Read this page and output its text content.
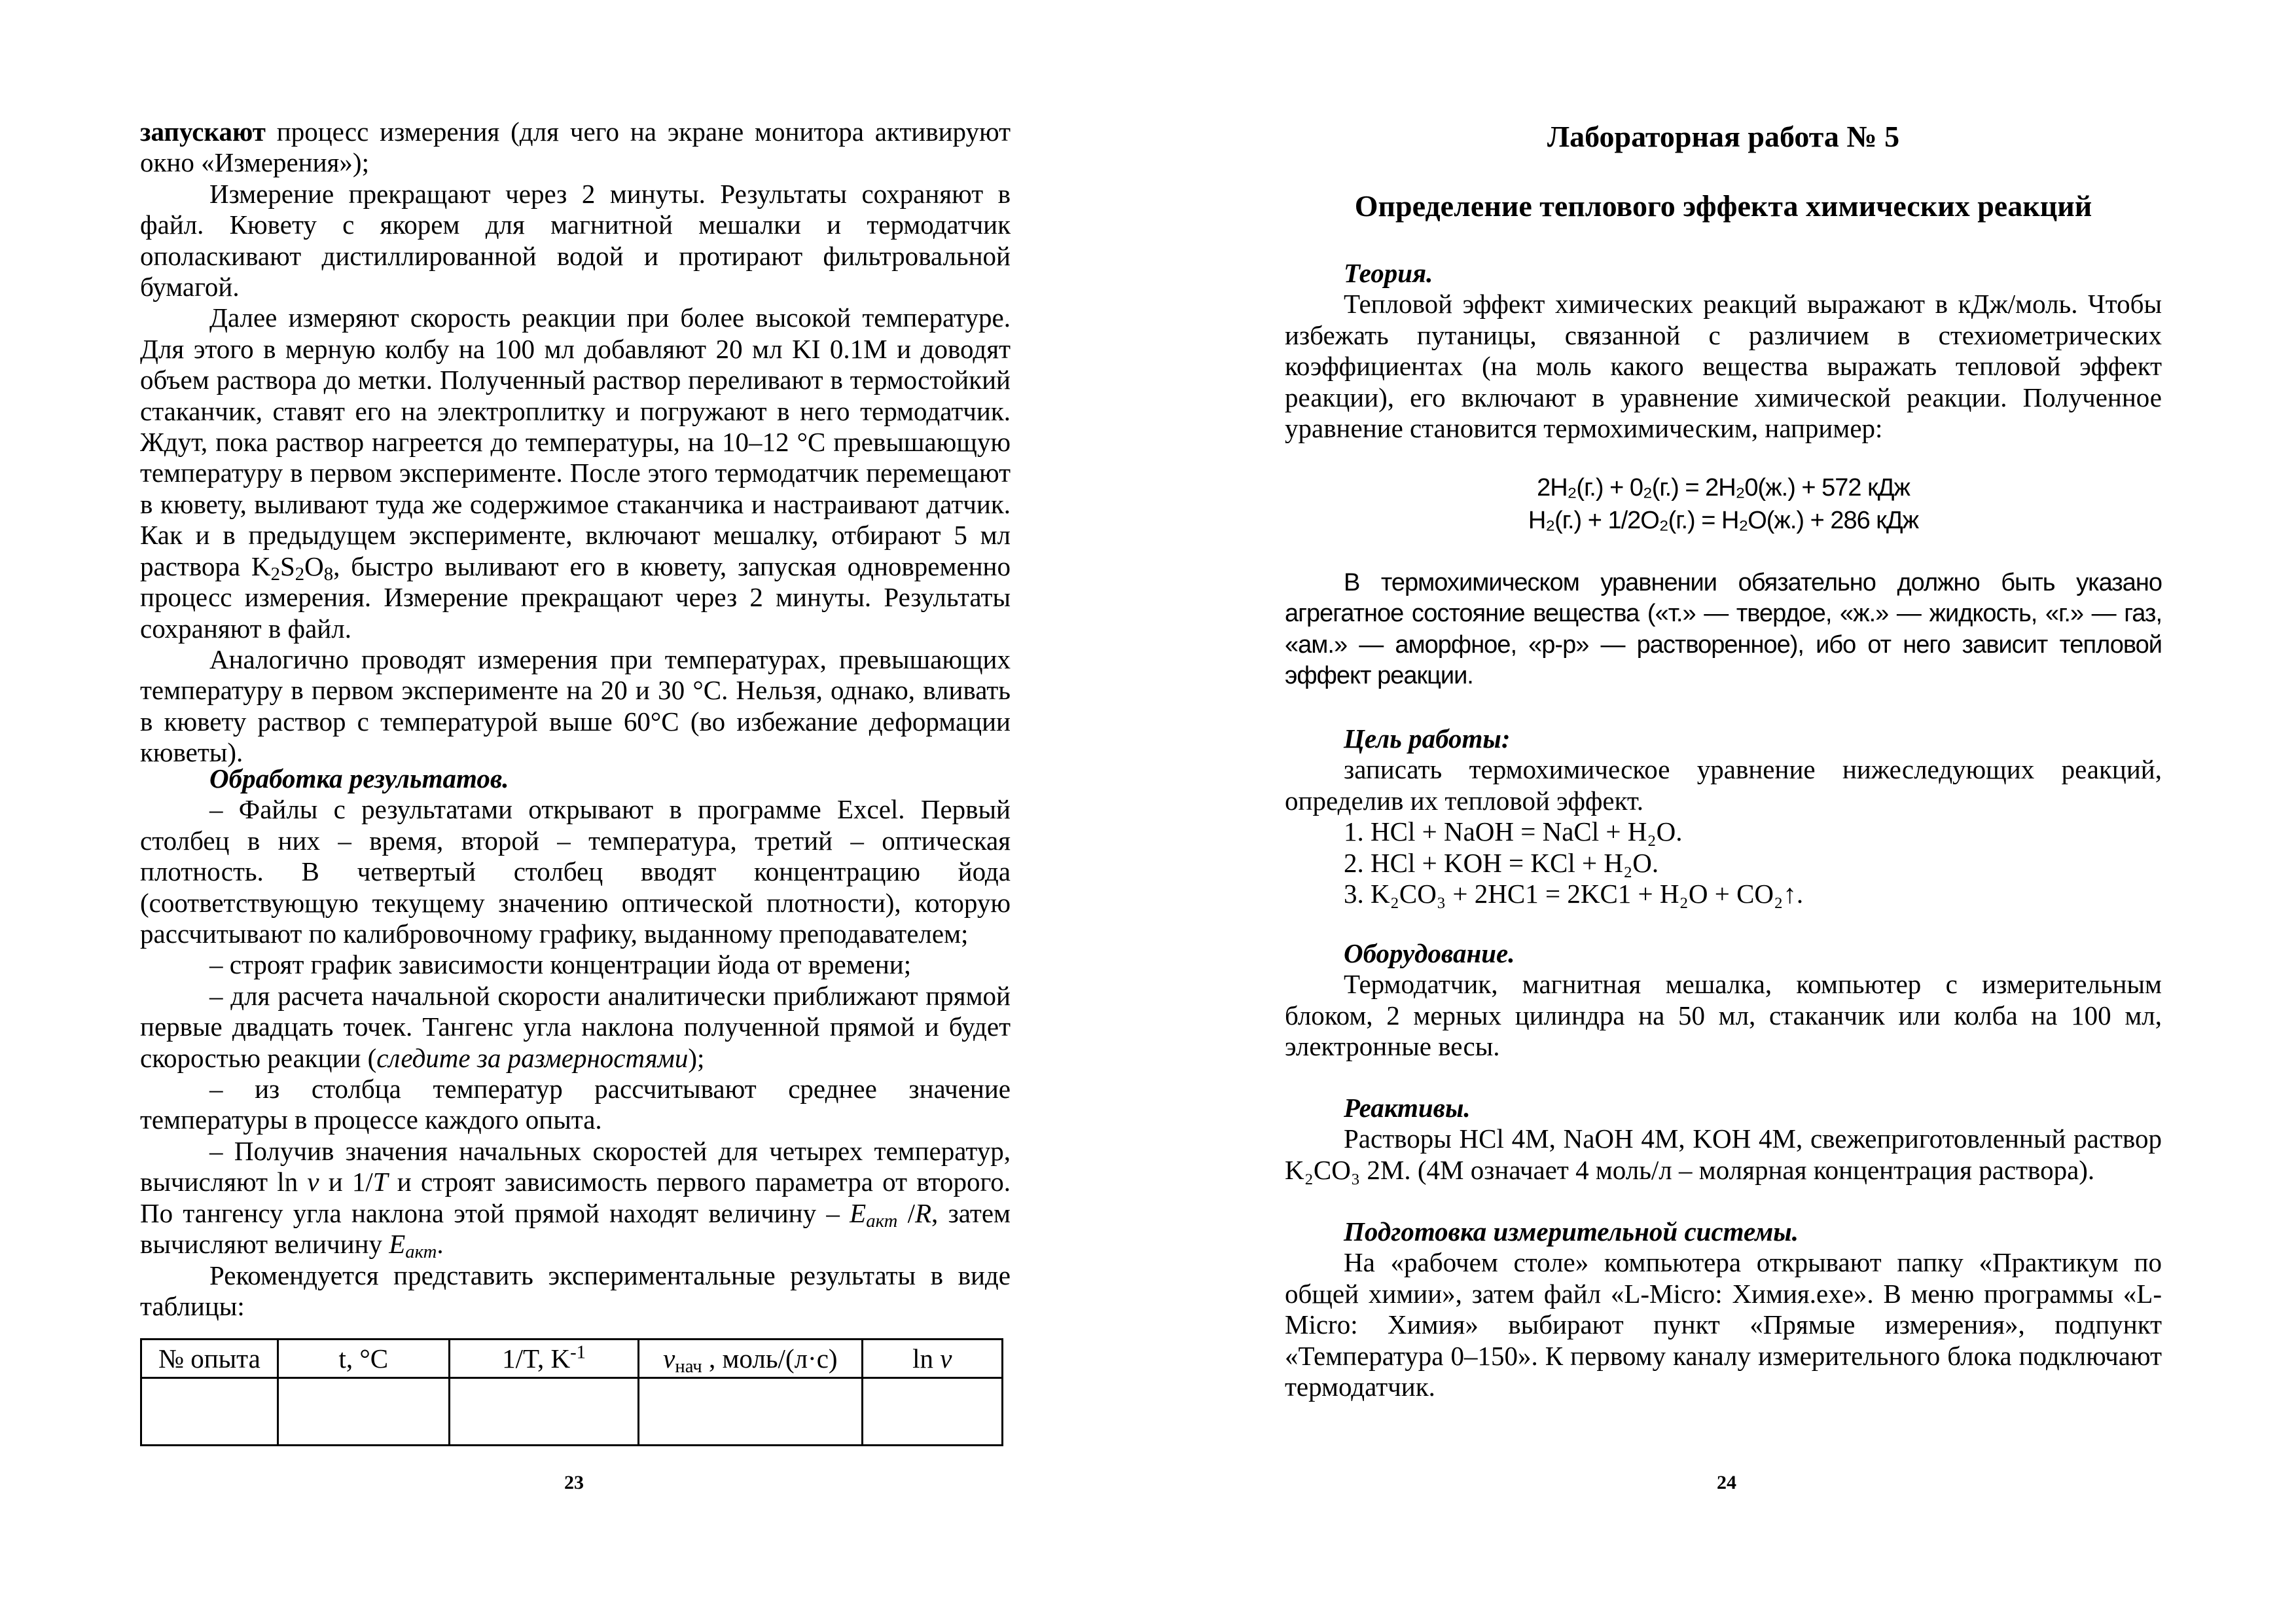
запускают процесс измерения (для чего на экране монитора активируют окно «Измерения»);

Измерение прекращают через 2 минуты. Результаты сохраняют в файл. Кювету с якорем для магнитной мешалки и термодатчик ополаскивают дистиллированной водой и протирают фильтровальной бумагой.

Далее измеряют скорость реакции при более высокой температуре. Для этого в мерную колбу на 100 мл добавляют 20 мл KI 0.1M и доводят объем раствора до метки. Полученный раствор переливают в термостойкий стаканчик, ставят его на электроплитку и погружают в него термодатчик. Ждут, пока раствор нагреется до температуры, на 10–12 °С превышающую температуру в первом эксперименте. После этого термодатчик перемещают в кювету, выливают туда же содержимое стаканчика и настраивают датчик. Как и в предыдущем эксперименте, включают мешалку, отбирают 5 мл раствора $K_2S_2O_8$, быстро выливают его в кювету, запуская одновременно процесс измерения. Измерение прекращают через 2 минуты. Результаты сохраняют в файл.

Аналогично проводят измерения при температурах, превышающих температуру в первом эксперименте на 20 и 30 °С. Нельзя, однако, вливать в кювету раствор с температурой выше 60°С (во избежание деформации кюветы).

Обработка результатов.

– Файлы с результатами открывают в программе Excel. Первый столбец в них – время, второй – температура, третий – оптическая плотность. В четвертый столбец вводят концентрацию йода (соответствующую текущему значению оптической плотности), которую рассчитывают по калибровочному графику, выданному преподавателем;

– строят график зависимости концентрации йода от времени;

– для расчета начальной скорости аналитически приближают прямой первые двадцать точек. Тангенс угла наклона полученной прямой и будет скоростью реакции (следите за размерностями);

– из столбца температур рассчитывают среднее значение температуры в процессе каждого опыта.

– Получив значения начальных скоростей для четырех температур, вычисляют ln v и 1/T и строят зависимость первого параметра от второго. По тангенсу угла наклона этой прямой находят величину – $E_{акт}$ /R, затем вычисляют величину $E_{акт}$.

Рекомендуется представить экспериментальные результаты в виде таблицы:

№ опыта	t, °C	1/T, $K^{-1}$	$v_{нач}$ , моль/(л·с)	ln v

23
Лабораторная работа № 5
Определение теплового эффекта химических реакций

Теория.

Тепловой эффект химических реакций выражают в кДж/моль. Чтобы избежать путаницы, связанной с различием в стехиометрических коэффициентах (на моль какого вещества выражать тепловой эффект реакции), его включают в уравнение химической реакции. Полученное уравнение становится термохимическим, например:

2H₂(г.) + 0₂(г.) = 2H₂0(ж.) + 572 кДж
H₂(г.) + 1/2O₂(г.) = H₂O(ж.) + 286 кДж

В термохимическом уравнении обязательно должно быть указано агрегатное состояние вещества («т.» — твердое, «ж.» — жидкость, «г.» — газ, «ам.» — аморфное, «р-р» — растворенное), ибо от него зависит тепловой эффект реакции.

Цель работы:

записать термохимическое уравнение нижеследующих реакций, определив их тепловой эффект.

1. HCl + NaOH = NaCl + H₂O.

2. HCl + KOH = KCl + H₂O.

3. K₂CO₃ + 2HC1 = 2KC1 + H₂O + CO₂↑.

Оборудование.

Термодатчик, магнитная мешалка, компьютер с измерительным блоком, 2 мерных цилиндра на 50 мл, стаканчик или колба на 100 мл, электронные весы.

Реактивы.

Растворы HCl 4M, NaOH 4M, KOH 4M, свежеприготовленный раствор K₂CO₃ 2M. (4M означает 4 моль/л – молярная концентрация раствора).

Подготовка измерительной системы.

На «рабочем столе» компьютера открывают папку «Практикум по общей химии», затем файл «L-Micro: Химия.exe». В меню программы «L-Micro: Химия» выбирают пункт «Прямые измерения», подпункт «Температура 0–150». К первому каналу измерительного блока подключают термодатчик.

24
